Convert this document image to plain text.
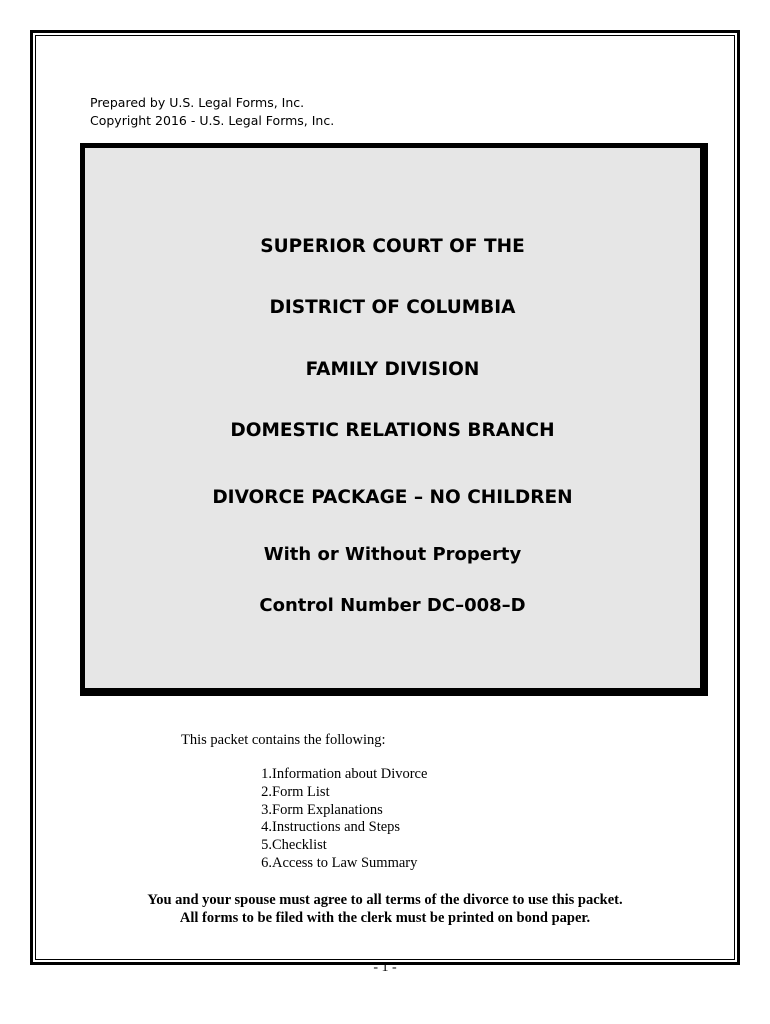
Prepared by U.S. Legal Forms, Inc.
Copyright 2016 - U.S. Legal Forms, Inc.
SUPERIOR COURT OF THE
DISTRICT OF COLUMBIA
FAMILY DIVISION
DOMESTIC RELATIONS BRANCH
DIVORCE PACKAGE – NO CHILDREN
With or Without Property
Control Number DC–008–D
This packet contains the following:
1. Information about Divorce
2. Form List
3. Form Explanations
4. Instructions and Steps
5. Checklist
6. Access to Law Summary
You and your spouse must agree to all terms of the divorce to use this packet.
All forms to be filed with the clerk must be printed on bond paper.
- 1 -
